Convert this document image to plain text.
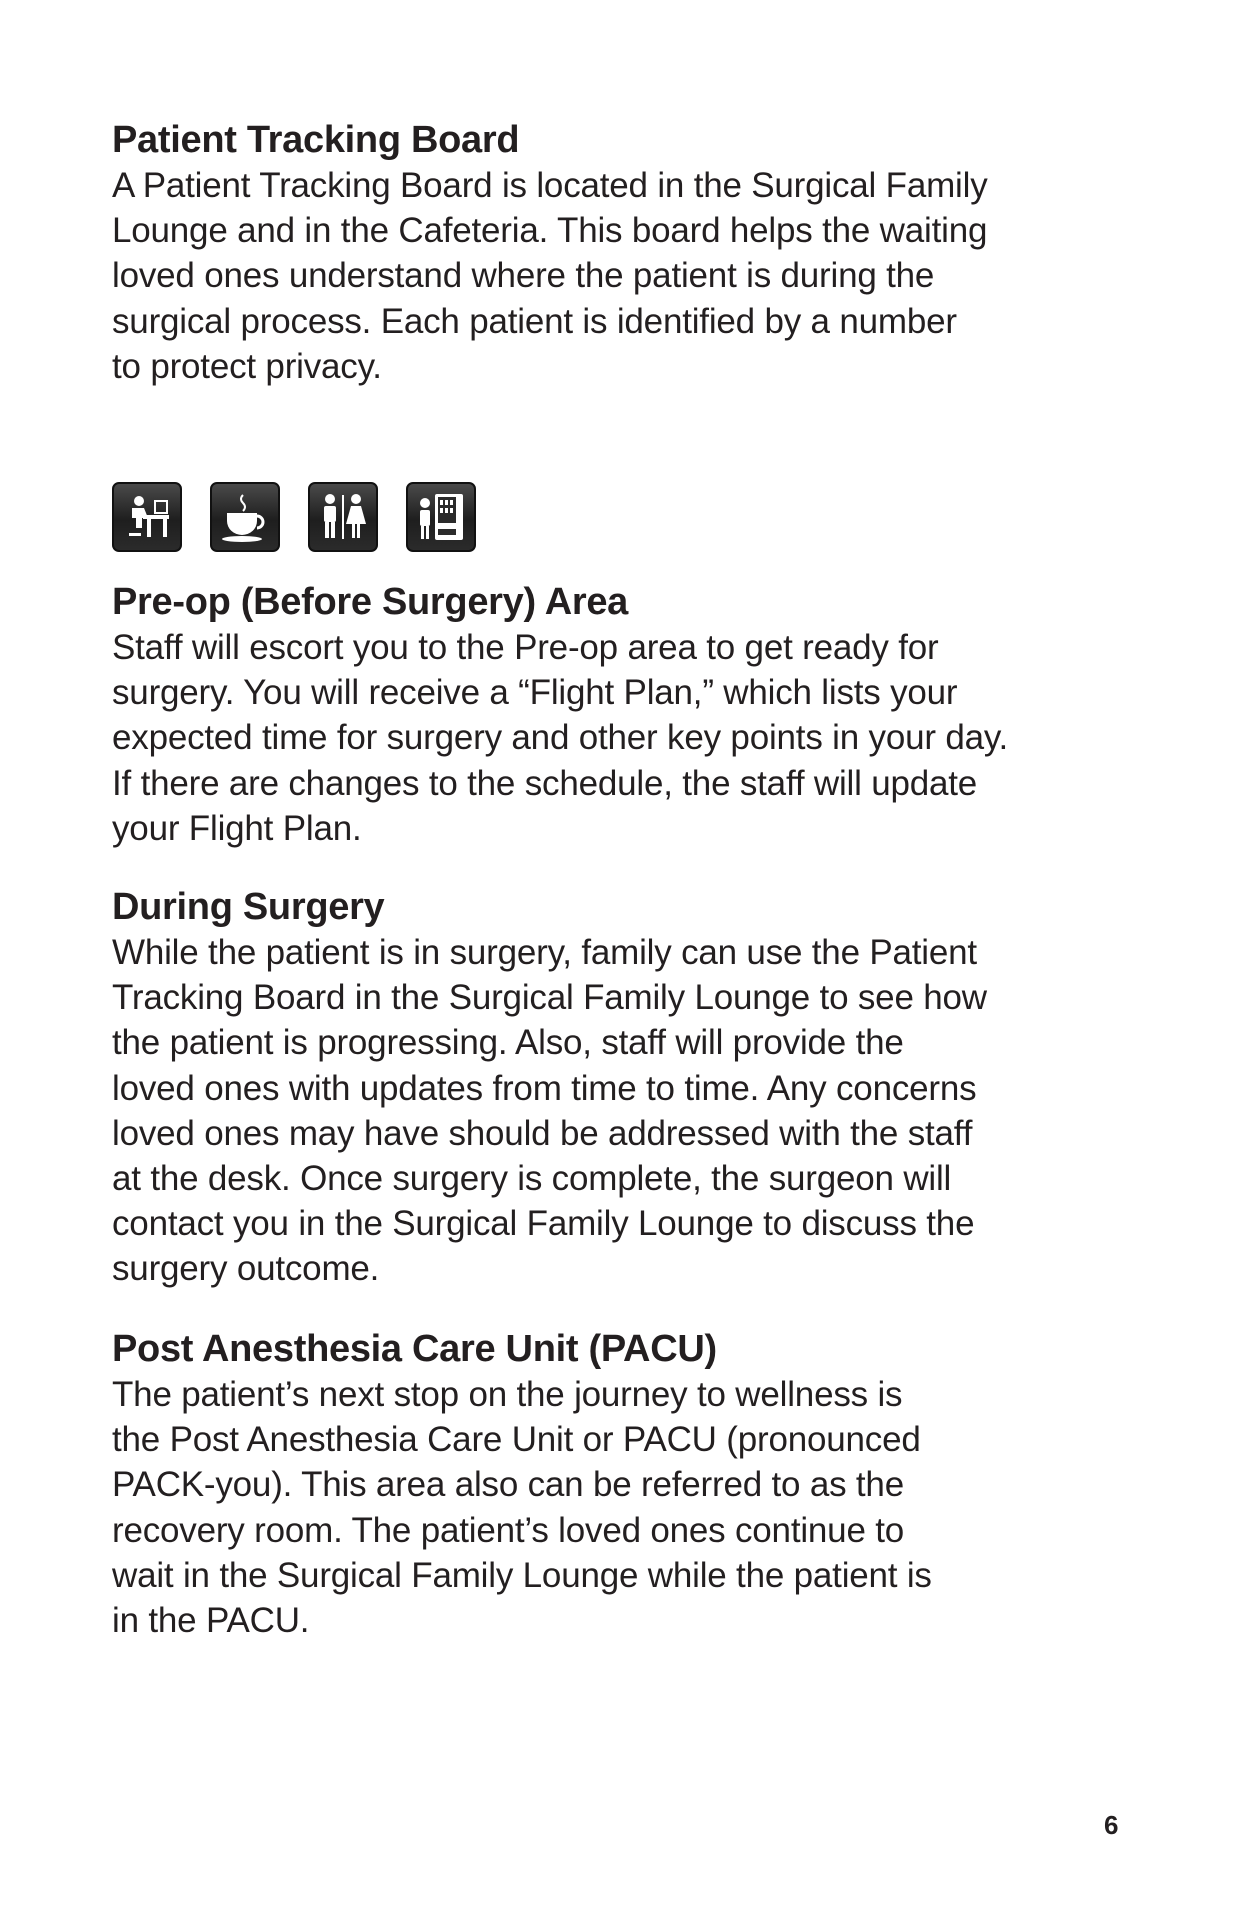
Patient Tracking Board

A Patient Tracking Board is located in the Surgical Family

Lounge and in the Cafeteria. This board helps the waiting

loved ones understand where the patient is during the

surgical process. Each patient is identified by a number

to protect privacy.

Pre-op (Before Surgery) Area

Staff will escort you to the Pre-op area to get ready for

surgery. You will receive a “Flight Plan,” which lists your

expected time for surgery and other key points in your day.

If there are changes to the schedule, the staff will update

your Flight Plan.

During Surgery

While the patient is in surgery, family can use the Patient

Tracking Board in the Surgical Family Lounge to see how

the patient is progressing. Also, staff will provide the

loved ones with updates from time to time. Any concerns

loved ones may have should be addressed with the staff

at the desk. Once surgery is complete, the surgeon will

contact you in the Surgical Family Lounge to discuss the

surgery outcome.

Post Anesthesia Care Unit (PACU)

The patient’s next stop on the journey to wellness is

the Post Anesthesia Care Unit or PACU (pronounced

PACK-you). This area also can be referred to as the

recovery room. The patient’s loved ones continue to

wait in the Surgical Family Lounge while the patient is

in the PACU.

6
